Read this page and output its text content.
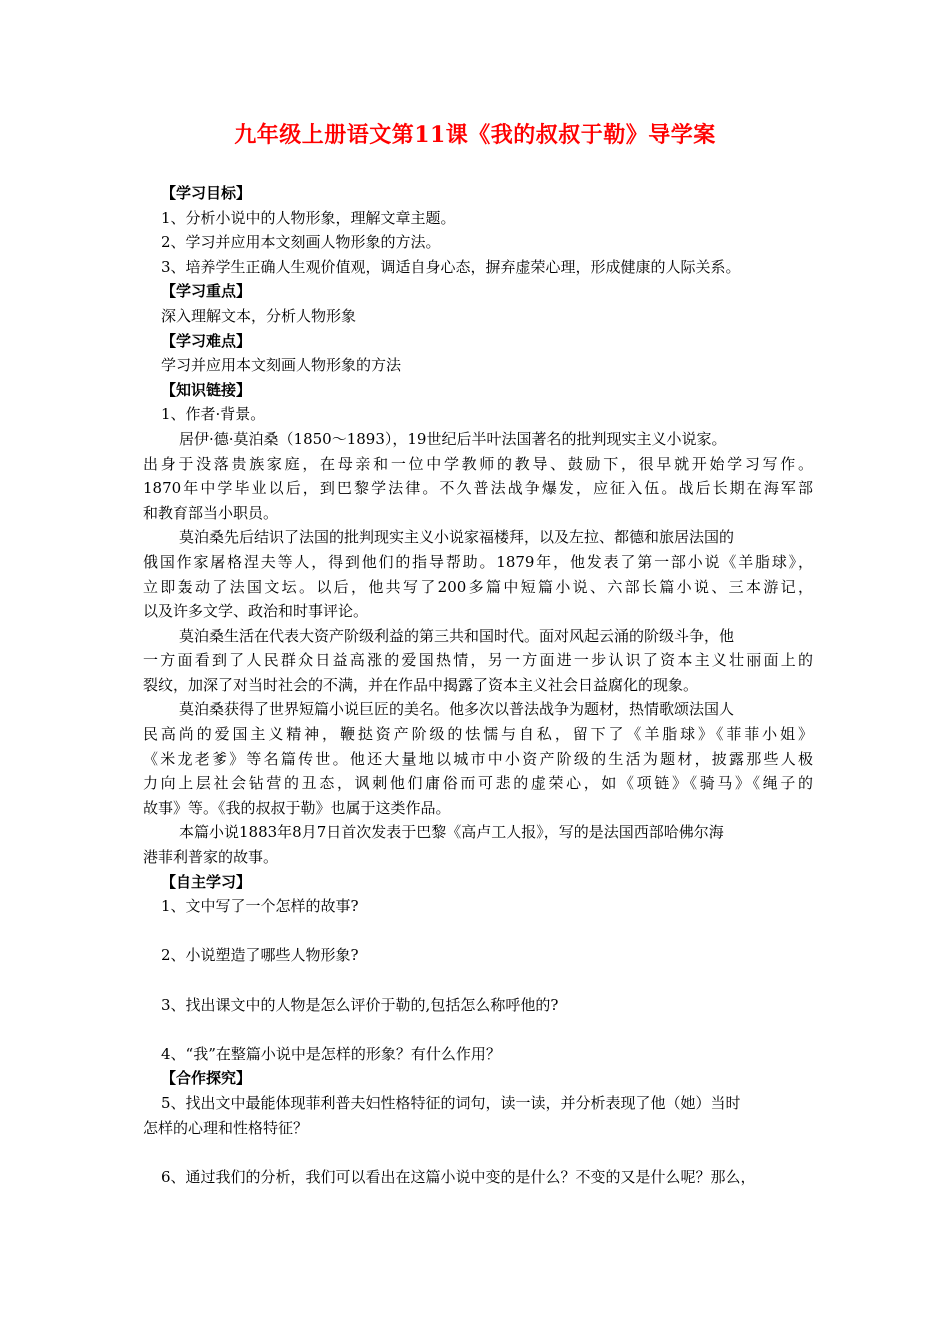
九年级上册语文第11课《我的叔叔于勒》导学案
【学习目标】
1、分析小说中的人物形象，理解文章主题。
2、学习并应用本文刻画人物形象的方法。
3、培养学生正确人生观价值观，调适自身心态，摒弃虚荣心理，形成健康的人际关系。
【学习重点】
深入理解文本，分析人物形象
【学习难点】
学习并应用本文刻画人物形象的方法
【知识链接】
1、作者·背景。
居伊·德·莫泊桑（1850～1893），19世纪后半叶法国著名的批判现实主义小说家。
出身于没落贵族家庭，在母亲和一位中学教师的教导、鼓励下，很早就开始学习写作。
1870年中学毕业以后，到巴黎学法律。不久普法战争爆发，应征入伍。战后长期在海军部
和教育部当小职员。
莫泊桑先后结识了法国的批判现实主义小说家福楼拜，以及左拉、都德和旅居法国的
俄国作家屠格涅夫等人，得到他们的指导帮助。1879年，他发表了第一部小说《羊脂球》，
立即轰动了法国文坛。以后，他共写了200多篇中短篇小说、六部长篇小说、三本游记，
以及许多文学、政治和时事评论。
莫泊桑生活在代表大资产阶级利益的第三共和国时代。面对风起云涌的阶级斗争，他
一方面看到了人民群众日益高涨的爱国热情，另一方面进一步认识了资本主义壮丽面上的
裂纹，加深了对当时社会的不满，并在作品中揭露了资本主义社会日益腐化的现象。
莫泊桑获得了世界短篇小说巨匠的美名。他多次以普法战争为题材，热情歌颂法国人
民高尚的爱国主义精神，鞭挞资产阶级的怯懦与自私，留下了《羊脂球》《菲菲小姐》
《米龙老爹》等名篇传世。他还大量地以城市中小资产阶级的生活为题材，披露那些人极
力向上层社会钻营的丑态，讽刺他们庸俗而可悲的虚荣心，如《项链》《骑马》《绳子的
故事》等。《我的叔叔于勒》也属于这类作品。
本篇小说1883年8月7日首次发表于巴黎《高卢工人报》，写的是法国西部哈佛尔海
港菲利普家的故事。
【自主学习】
1、文中写了一个怎样的故事?
2、小说塑造了哪些人物形象?
3、找出课文中的人物是怎么评价于勒的,包括怎么称呼他的?
4、“我”在整篇小说中是怎样的形象？有什么作用？
【合作探究】
5、找出文中最能体现菲利普夫妇性格特征的词句，读一读，并分析表现了他（她）当时
怎样的心理和性格特征？
6、通过我们的分析，我们可以看出在这篇小说中变的是什么？不变的又是什么呢？那么，
